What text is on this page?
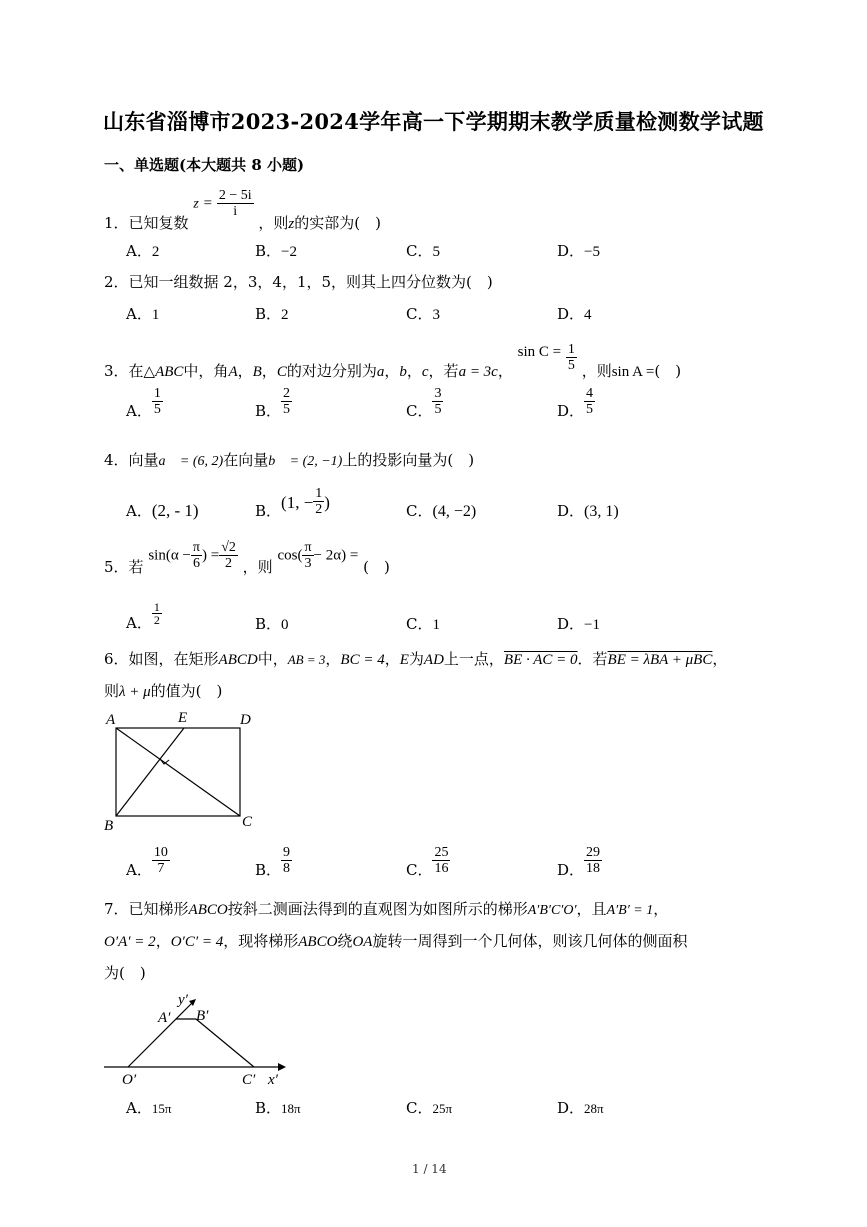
山东省淄博市2023-2024学年高一下学期期末教学质量检测数学试题
一、单选题(本大题共 8 小题)
1．已知复数 $z = \frac{2 - 5i}{i}$
，则z的实部为(　)
A．2	B．−2	C．5	D．−5
2．已知一组数据 2，3，4，1，5，则其上四分位数为(　)
A．1	B．2	C．3	D．4
3．在△ABC中，角A，B，C的对边分别为a，b，c，若a = 3c， $\sin C = \frac{1}{5}$ ，则sin A =(　)
A． $\frac{1}{5}$	B． $\frac{2}{5}$	C． $\frac{3}{5}$	D． $\frac{4}{5}$
4．向量a⃗ = (6, 2)在向量b⃗ = (2, −1)上的投影向量为(　)
A．(2, - 1)	B．(1, − $\frac{1}{2}$ )	C．(4, −2)	D．(3, 1)
5．若 $\sin(\alpha - \frac{\pi}{6}$ ) = $\frac{√2}{2}$ ，则 $\cos( \frac{\pi}{3} - 2\alpha)$ = (　)
A． $\frac{1}{2}$	B．0	C．1	D．−1
6．如图，在矩形ABCD中，AB = 3，BC = 4，E为AD上一点，BE · AC = 0．若BE = λBA + μBC，
则λ + μ的值为(　)
A	E	D
B	C
A． $\frac{10}{7}$	B． $\frac{9}{8}$	C． $\frac{25}{16}$	D． $\frac{29}{18}$
7．已知梯形ABCO按斜二测画法得到的直观图为如图所示的梯形A′B′C′O′，且A′B′ = 1，
O′A′ = 2，O′C′ = 4，现将梯形ABCO绕OA旋转一周得到一个几何体，则该几何体的侧面积
为(　)
y′
A′ B′
O′	C′ x′
A．15π	B．18π	C．25π	D．28π
1 / 14
